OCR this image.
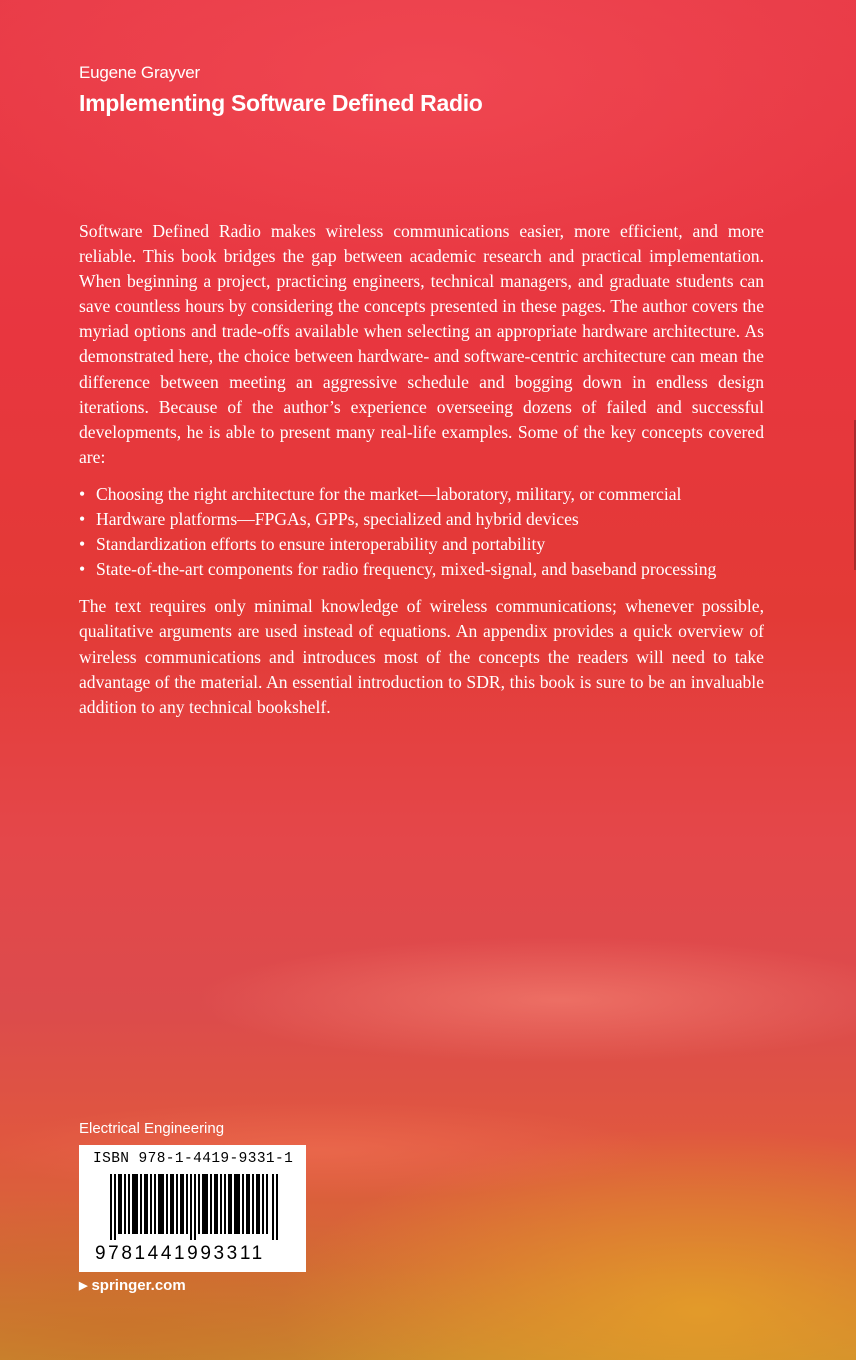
Eugene Grayver
Implementing Software Defined Radio

Software Defined Radio makes wireless communications easier, more efficient, and more reliable. This book bridges the gap between academic research and practical implementation. When beginning a project, practicing engineers, technical managers, and graduate students can save countless hours by considering the concepts presented in these pages. The author covers the myriad options and trade-offs available when selecting an appropriate hardware architecture. As demonstrated here, the choice between hardware- and software-centric architecture can mean the difference between meeting an aggressive schedule and bogging down in endless design iterations. Because of the author’s experience overseeing dozens of failed and successful developments, he is able to present many real-life examples. Some of the key concepts covered are:

• Choosing the right architecture for the market—laboratory, military, or commercial
• Hardware platforms—FPGAs, GPPs, specialized and hybrid devices
• Standardization efforts to ensure interoperability and portability
• State-of-the-art components for radio frequency, mixed-signal, and baseband processing

The text requires only minimal knowledge of wireless communications; whenever possible, qualitative arguments are used instead of equations. An appendix provides a quick overview of wireless communications and introduces most of the concepts the readers will need to take advantage of the material. An essential introduction to SDR, this book is sure to be an invaluable addition to any technical bookshelf.

Electrical Engineering
ISBN 978-1-4419-9331-1
9781441993311
▶ springer.com
